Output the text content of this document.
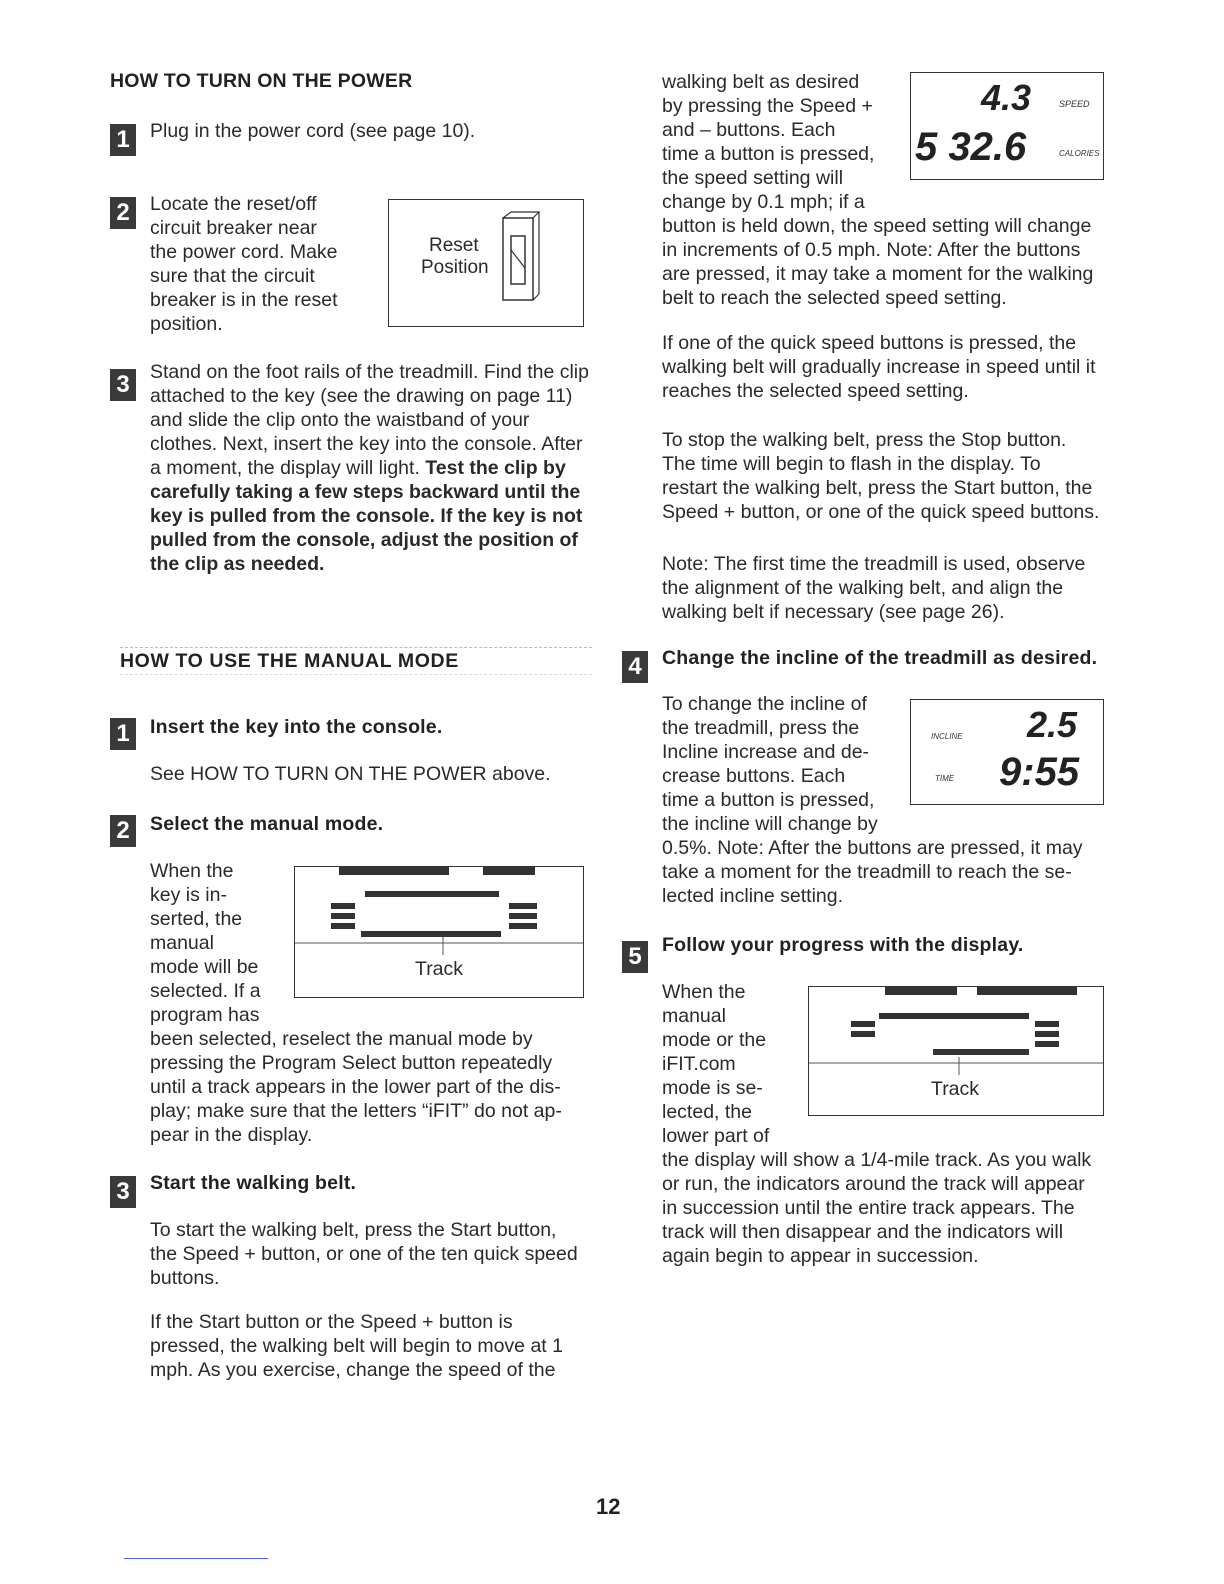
HOW TO TURN ON THE POWER
1	Plug in the power cord (see page 10).
2	Locate the reset/off
circuit breaker near
the power cord. Make
sure that the circuit
breaker is in the reset
position.
Reset
Position
3	Stand on the foot rails of the treadmill. Find the clip
attached to the key (see the drawing on page 11)
and slide the clip onto the waistband of your
clothes. Next, insert the key into the console. After
a moment, the display will light. Test the clip by
carefully taking a few steps backward until the
key is pulled from the console. If the key is not
pulled from the console, adjust the position of
the clip as needed.
HOW TO USE THE MANUAL MODE
1	Insert the key into the console.
See HOW TO TURN ON THE POWER above.
2	Select the manual mode.
When the
key is in-
serted, the
manual
mode will be
selected. If a
program has
been selected, reselect the manual mode by
pressing the Program Select button repeatedly
until a track appears in the lower part of the dis-
play; make sure that the letters “iFIT” do not ap-
pear in the display.
Track
3	Start the walking belt.
To start the walking belt, press the Start button,
the Speed + button, or one of the ten quick speed
buttons.
If the Start button or the Speed + button is
pressed, the walking belt will begin to move at 1
mph. As you exercise, change the speed of the
walking belt as desired
by pressing the Speed +
and – buttons. Each
time a button is pressed,
the speed setting will
change by 0.1 mph; if a
button is held down, the speed setting will change
in increments of 0.5 mph. Note: After the buttons
are pressed, it may take a moment for the walking
belt to reach the selected speed setting.
4.3	SPEED
5 32.6	CALORIES
If one of the quick speed buttons is pressed, the
walking belt will gradually increase in speed until it
reaches the selected speed setting.
To stop the walking belt, press the Stop button.
The time will begin to flash in the display. To
restart the walking belt, press the Start button, the
Speed + button, or one of the quick speed buttons.
Note: The first time the treadmill is used, observe
the alignment of the walking belt, and align the
walking belt if necessary (see page 26).
4	Change the incline of the treadmill as desired.
To change the incline of
the treadmill, press the
Incline increase and de-
crease buttons. Each
time a button is pressed,
the incline will change by
0.5%. Note: After the buttons are pressed, it may
take a moment for the treadmill to reach the se-
lected incline setting.
INCLINE 2.5
TIME 9:55
5	Follow your progress with the display.
When the
manual
mode or the
iFIT.com
mode is se-
lected, the
lower part of
the display will show a 1/4-mile track. As you walk
or run, the indicators around the track will appear
in succession until the entire track appears. The
track will then disappear and the indicators will
again begin to appear in succession.
Track
12
